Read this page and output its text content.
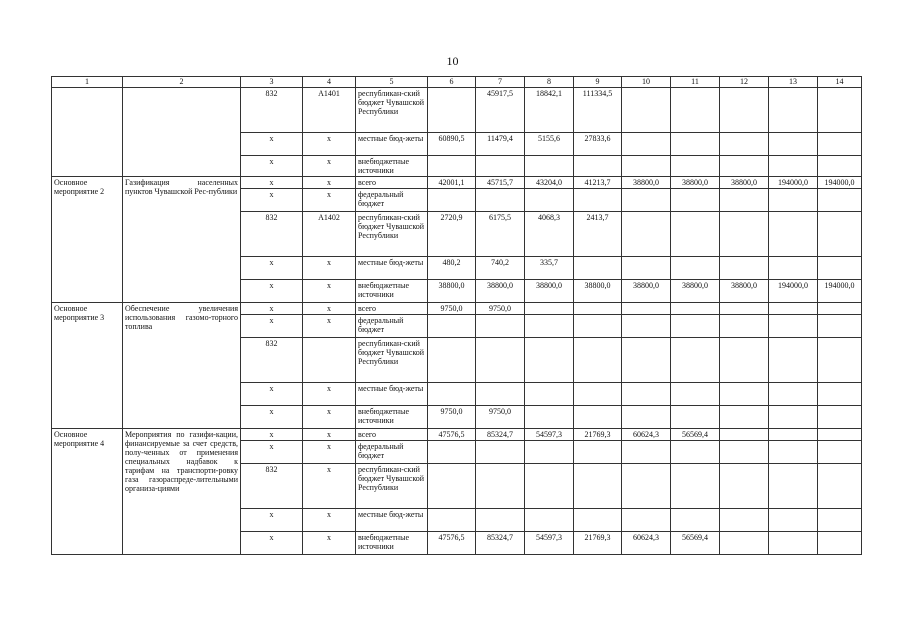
10
1	2	3	4	5	6	7	8	9	10	11	12	13	14
		832	А1401	республикан-ский бюджет Чувашской Республики		45917,5	18842,1	111334,5					
		х	х	местные бюд-жеты	60890,5	11479,4	5155,6	27833,6					
		х	х	внебюджетные источники									
Основное мероприятие 2	Газификация населенных пунктов Чувашской Рес-публики	х	х	всего	42001,1	45715,7	43204,0	41213,7	38800,0	38800,0	38800,0	194000,0	194000,0
		х	х	федеральный бюджет									
		832	А1402	республикан-ский бюджет Чувашской Республики	2720,9	6175,5	4068,3	2413,7					
		х	х	местные бюд-жеты	480,2	740,2	335,7						
		х	х	внебюджетные источники	38800,0	38800,0	38800,0	38800,0	38800,0	38800,0	38800,0	194000,0	194000,0
Основное мероприятие 3	Обеспечение увеличения использования газомо-торного топлива	х	х	всего	9750,0	9750,0							
		х	х	федеральный бюджет									
		832		республикан-ский бюджет Чувашской Республики									
		х	х	местные бюд-жеты									
		х	х	внебюджетные источники	9750,0	9750,0							
Основное мероприятие 4	Мероприятия по газифи-кации, финансируемые за счет средств, полу-ченных от применения специальных надбавок к тарифам на транспорти-ровку газа газораспреде-лительными организа-циями	х	х	всего	47576,5	85324,7	54597,3	21769,3	60624,3	56569,4			
		х	х	федеральный бюджет									
		832	х	республикан-ский бюджет Чувашской Республики									
		х	х	местные бюд-жеты									
		х	х	внебюджетные источники	47576,5	85324,7	54597,3	21769,3	60624,3	56569,4			
